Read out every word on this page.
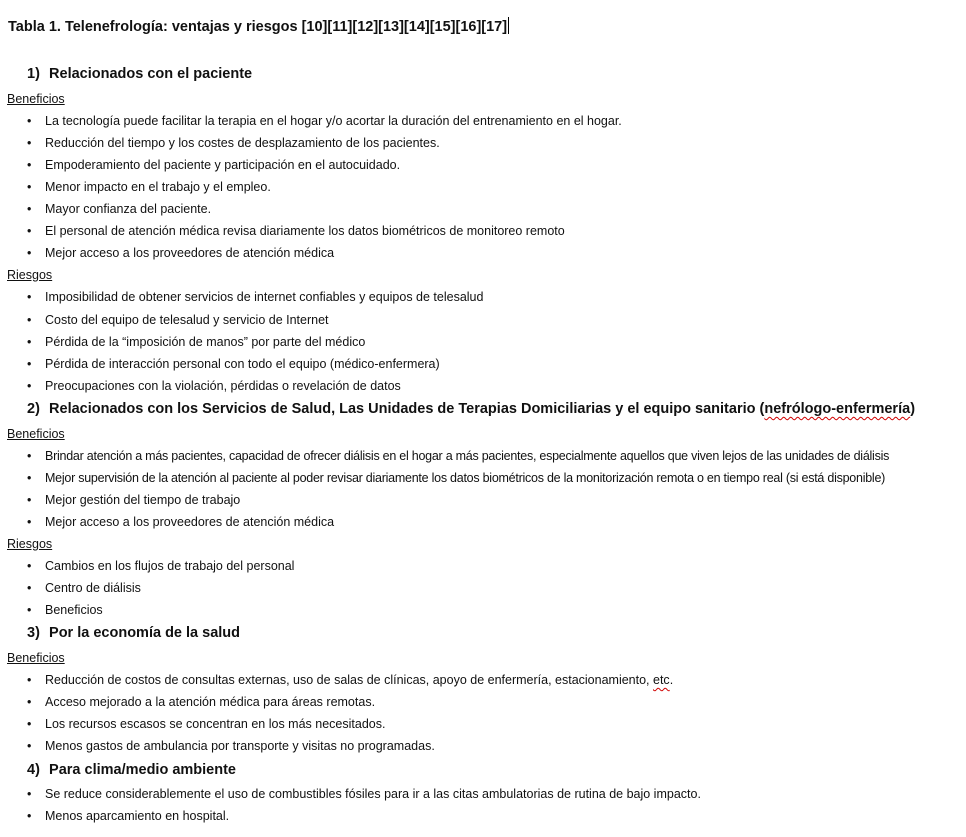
Tabla 1. Telenefrología: ventajas y riesgos [10][11][12][13][14][15][16][17]
1) Relacionados con el paciente
Beneficios
• La tecnología puede facilitar la terapia en el hogar y/o acortar la duración del entrenamiento en el hogar.
• Reducción del tiempo y los costes de desplazamiento de los pacientes.
• Empoderamiento del paciente y participación en el autocuidado.
• Menor impacto en el trabajo y el empleo.
• Mayor confianza del paciente.
• El personal de atención médica revisa diariamente los datos biométricos de monitoreo remoto
• Mejor acceso a los proveedores de atención médica
Riesgos
• Imposibilidad de obtener servicios de internet confiables y equipos de telesalud
• Costo del equipo de telesalud y servicio de Internet
• Pérdida de la “imposición de manos” por parte del médico
• Pérdida de interacción personal con todo el equipo (médico-enfermera)
• Preocupaciones con la violación, pérdidas o revelación de datos
2) Relacionados con los Servicios de Salud, Las Unidades de Terapias Domiciliarias y el equipo sanitario (nefrólogo-enfermería)
Beneficios
• Brindar atención a más pacientes, capacidad de ofrecer diálisis en el hogar a más pacientes, especialmente aquellos que viven lejos de las unidades de diálisis
• Mejor supervisión de la atención al paciente al poder revisar diariamente los datos biométricos de la monitorización remota o en tiempo real (si está disponible)
• Mejor gestión del tiempo de trabajo
• Mejor acceso a los proveedores de atención médica
Riesgos
• Cambios en los flujos de trabajo del personal
• Centro de diálisis
• Beneficios
3) Por la economía de la salud
Beneficios
• Reducción de costos de consultas externas, uso de salas de clínicas, apoyo de enfermería, estacionamiento, etc.
• Acceso mejorado a la atención médica para áreas remotas.
• Los recursos escasos se concentran en los más necesitados.
• Menos gastos de ambulancia por transporte y visitas no programadas.
4) Para clima/medio ambiente
• Se reduce considerablemente el uso de combustibles fósiles para ir a las citas ambulatorias de rutina de bajo impacto.
• Menos aparcamiento en hospital.
